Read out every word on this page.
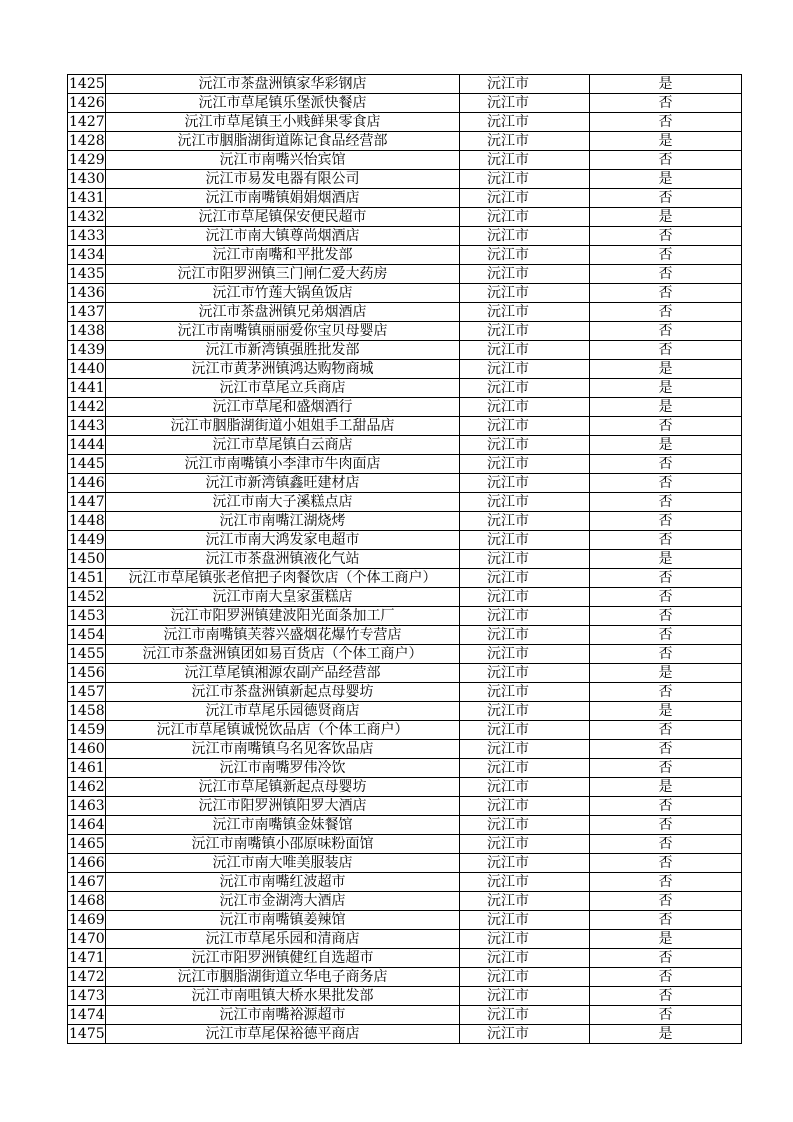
1425	沅江市茶盘洲镇家华彩钢店	沅江市	是
1426	沅江市草尾镇乐堡派快餐店	沅江市	否
1427	沅江市草尾镇王小贱鲜果零食店	沅江市	否
1428	沅江市胭脂湖街道陈记食品经营部	沅江市	是
1429	沅江市南嘴兴怡宾馆	沅江市	否
1430	沅江市易发电器有限公司	沅江市	是
1431	沅江市南嘴镇娟娟烟酒店	沅江市	否
1432	沅江市草尾镇保安便民超市	沅江市	是
1433	沅江市南大镇尊尚烟酒店	沅江市	否
1434	沅江市南嘴和平批发部	沅江市	否
1435	沅江市阳罗洲镇三门闸仁爱大药房	沅江市	否
1436	沅江市竹莲大锅鱼饭店	沅江市	否
1437	沅江市茶盘洲镇兄弟烟酒店	沅江市	否
1438	沅江市南嘴镇丽丽爱你宝贝母婴店	沅江市	否
1439	沅江市新湾镇强胜批发部	沅江市	否
1440	沅江市黄茅洲镇鸿达购物商城	沅江市	是
1441	沅江市草尾立兵商店	沅江市	是
1442	沅江市草尾和盛烟酒行	沅江市	是
1443	沅江市胭脂湖街道小姐姐手工甜品店	沅江市	否
1444	沅江市草尾镇白云商店	沅江市	是
1445	沅江市南嘴镇小李津市牛肉面店	沅江市	否
1446	沅江市新湾镇鑫旺建材店	沅江市	否
1447	沅江市南大子溪糕点店	沅江市	否
1448	沅江市南嘴江湖烧烤	沅江市	否
1449	沅江市南大鸿发家电超市	沅江市	否
1450	沅江市茶盘洲镇液化气站	沅江市	是
1451	沅江市草尾镇张老倌把子肉餐饮店（个体工商户）	沅江市	否
1452	沅江市南大皇家蛋糕店	沅江市	否
1453	沅江市阳罗洲镇建波阳光面条加工厂	沅江市	否
1454	沅江市南嘴镇芙蓉兴盛烟花爆竹专营店	沅江市	否
1455	沅江市茶盘洲镇团如易百货店（个体工商户）	沅江市	否
1456	沅江草尾镇湘源农副产品经营部	沅江市	是
1457	沅江市茶盘洲镇新起点母婴坊	沅江市	否
1458	沅江市草尾乐园德贤商店	沅江市	是
1459	沅江市草尾镇诚悦饮品店（个体工商户）	沅江市	否
1460	沅江市南嘴镇乌名见客饮品店	沅江市	否
1461	沅江市南嘴罗伟冷饮	沅江市	否
1462	沅江市草尾镇新起点母婴坊	沅江市	是
1463	沅江市阳罗洲镇阳罗大酒店	沅江市	否
1464	沅江市南嘴镇金妹餐馆	沅江市	否
1465	沅江市南嘴镇小邵原味粉面馆	沅江市	否
1466	沅江市南大唯美服装店	沅江市	否
1467	沅江市南嘴红波超市	沅江市	否
1468	沅江市金湖湾大酒店	沅江市	否
1469	沅江市南嘴镇姜辣馆	沅江市	否
1470	沅江市草尾乐园和清商店	沅江市	是
1471	沅江市阳罗洲镇健红自选超市	沅江市	否
1472	沅江市胭脂湖街道立华电子商务店	沅江市	否
1473	沅江市南咀镇大桥水果批发部	沅江市	否
1474	沅江市南嘴裕源超市	沅江市	否
1475	沅江市草尾保裕德平商店	沅江市	是
